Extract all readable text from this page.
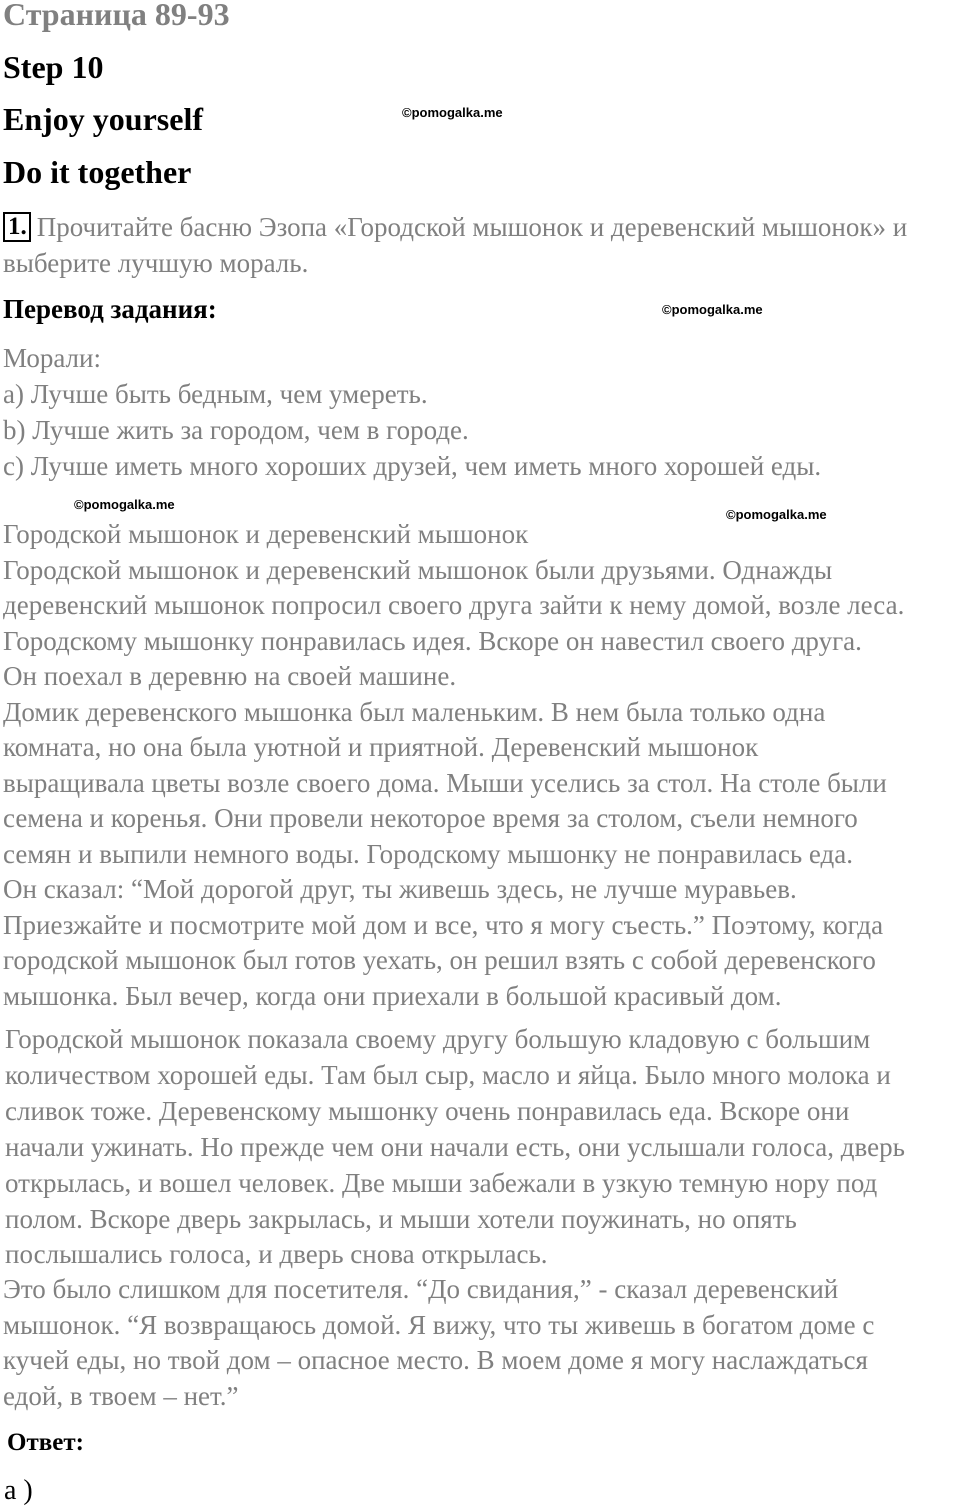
Страница 89-93
Step 10
Enjoy yourself
Do it together
©pomogalka.me

1. Прочитайте басню Эзопа «Городской мышонок и деревенский мышонок» и выберите лучшую мораль.

Перевод задания:	©pomogalka.me
Морали:
a) Лучше быть бедным, чем умереть.
b) Лучше жить за городом, чем в городе.
c) Лучше иметь много хороших друзей, чем иметь много хорошей еды.
©pomogalka.me
©pomogalka.me
Городской мышонок и деревенский мышонок
Городской мышонок и деревенский мышонок были друзьями. Однажды
деревенский мышонок попросил своего друга зайти к нему домой, возле леса.
Городскому мышонку понравилась идея. Вскоре он навестил своего друга.
Он поехал в деревню на своей машине.
Домик деревенского мышонка был маленьким. В нем была только одна
комната, но она была уютной и приятной. Деревенский мышонок
выращивала цветы возле своего дома. Мыши уселись за стол. На столе были
семена и коренья. Они провели некоторое время за столом, съели немного
семян и выпили немного воды. Городскому мышонку не понравилась еда.
Он сказал: “Мой дорогой друг, ты живешь здесь, не лучше муравьев.
Приезжайте и посмотрите мой дом и все, что я могу съесть.” Поэтому, когда
городской мышонок был готов уехать, он решил взять с собой деревенского
мышонка. Был вечер, когда они приехали в большой красивый дом.
Городской мышонок показала своему другу большую кладовую с большим
количеством хорошей еды. Там был сыр, масло и яйца. Было много молока и
сливок тоже. Деревенскому мышонку очень понравилась еда. Вскоре они
начали ужинать. Но прежде чем они начали есть, они услышали голоса, дверь
открылась, и вошел человек. Две мыши забежали в узкую темную нору под
полом. Вскоре дверь закрылась, и мыши хотели поужинать, но опять
послышались голоса, и дверь снова открылась.
Это было слишком для посетителя. “До свидания,” - сказал деревенский
мышонок. “Я возвращаюсь домой. Я вижу, что ты живешь в богатом доме с
кучей еды, но твой дом – опасное место. В моем доме я могу наслаждаться
едой, в твоем – нет.”
Ответ:

a )
